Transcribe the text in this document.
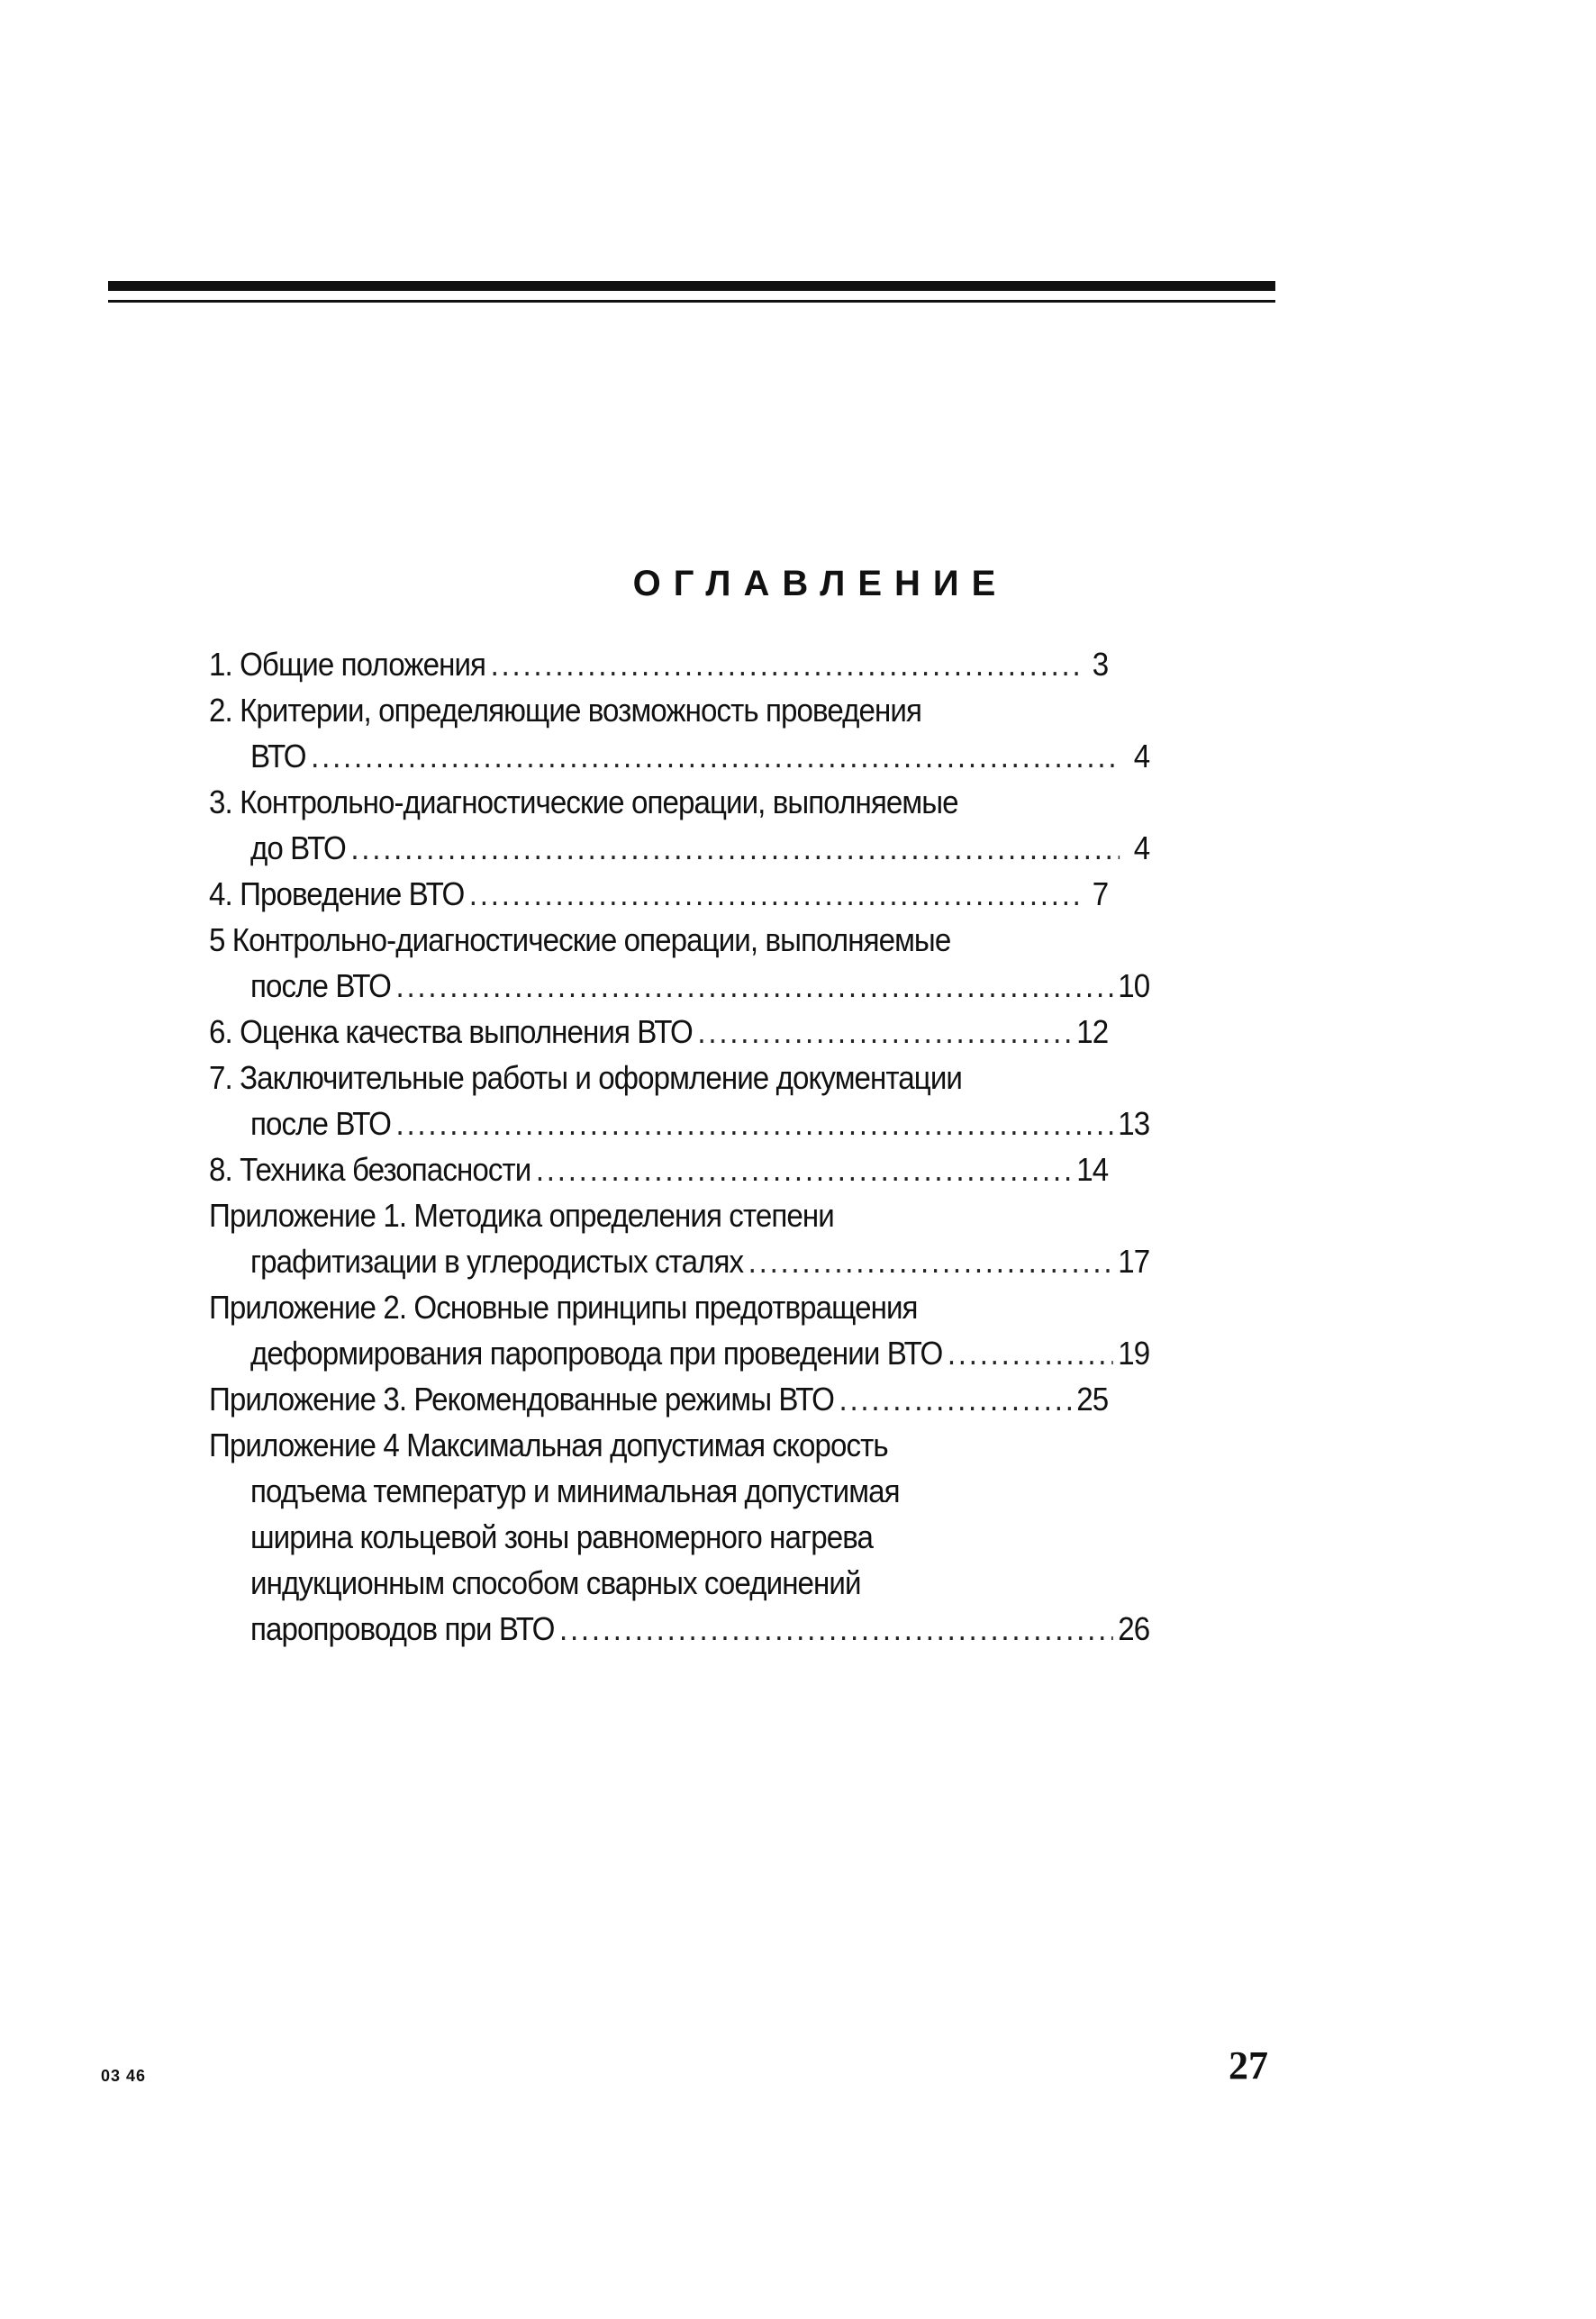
ОГЛАВЛЕНИЕ
1. Общие положения .....	3
2. Критерии, определяющие возможность проведения
ВТО .....	4
3. Контрольно-диагностические операции, выполняемые
до ВТО .....	4
4. Проведение ВТО .....	7
5 Контрольно-диагностические операции, выполняемые
после ВТО .....	10
6. Оценка качества выполнения ВТО .....	12
7. Заключительные работы и оформление документации
после ВТО .....	13
8. Техника безопасности .....	14
Приложение 1. Методика определения степени
графитизации в углеродистых сталях .....	17
Приложение 2. Основные принципы предотвращения
деформирования паропровода при проведении ВТО .....	19
Приложение 3. Рекомендованные режимы ВТО .....	25
Приложение 4 Максимальная допустимая скорость
подъема температур и минимальная допустимая
ширина кольцевой зоны равномерного нагрева
индукционным способом сварных соединений
паропроводов при ВТО .....	26
03 46	27
